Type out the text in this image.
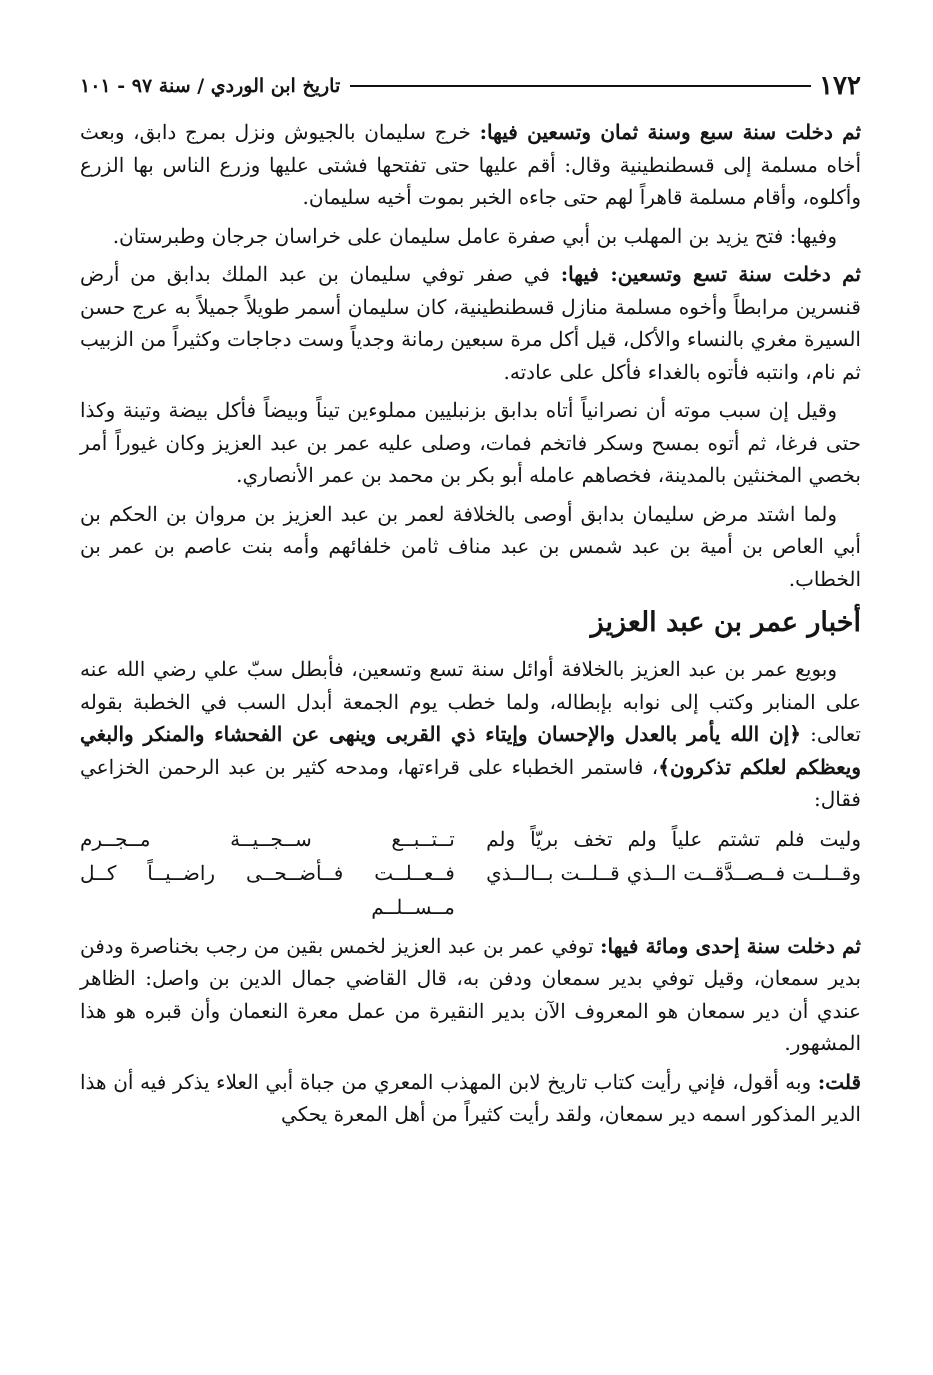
١٧٢
تاريخ ابن الوردي / سنة ٩٧ - ١٠١

ثم دخلت سنة سبع وسنة ثمان وتسعين فيها: خرج سليمان بالجيوش ونزل بمرج دابق، وبعث أخاه مسلمة إلى قسطنطينية وقال: أقم عليها حتى تفتحها فشتى عليها وزرع الناس بها الزرع وأكلوه، وأقام مسلمة قاهراً لهم حتى جاءه الخبر بموت أخيه سليمان.

وفيها: فتح يزيد بن المهلب بن أبي صفرة عامل سليمان على خراسان جرجان وطبرستان.

ثم دخلت سنة تسع وتسعين: فيها: في صفر توفي سليمان بن عبد الملك بدابق من أرض قنسرين مرابطاً وأخوه مسلمة منازل قسطنطينية، كان سليمان أسمر طويلاً جميلاً به عرج حسن السيرة مغري بالنساء والأكل، قيل أكل مرة سبعين رمانة وجدياً وست دجاجات وكثيراً من الزبيب ثم نام، وانتبه فأتوه بالغداء فأكل على عادته.

وقيل إن سبب موته أن نصرانياً أتاه بدابق بزنبليين مملوءين تيناً وبيضاً فأكل بيضة وتينة وكذا حتى فرغا، ثم أتوه بمسح وسكر فاتخم فمات، وصلى عليه عمر بن عبد العزيز وكان غيوراً أمر بخصي المخنثين بالمدينة، فخصاهم عامله أبو بكر بن محمد بن عمر الأنصاري.

ولما اشتد مرض سليمان بدابق أوصى بالخلافة لعمر بن عبد العزيز بن مروان بن الحكم بن أبي العاص بن أمية بن عبد شمس بن عبد مناف ثامن خلفائهم وأمه بنت عاصم بن عمر بن الخطاب.

أخبار عمر بن عبد العزيز

وبويع عمر بن عبد العزيز بالخلافة أوائل سنة تسع وتسعين، فأبطل سبّ علي رضي الله عنه على المنابر وكتب إلى نوابه بإبطاله، ولما خطب يوم الجمعة أبدل السب في الخطبة بقوله تعالى: ﴿إن الله يأمر بالعدل والإحسان وإيتاء ذي القربى وينهى عن الفحشاء والمنكر والبغي ويعظكم لعلكم تذكرون﴾، فاستمر الخطباء على قراءتها، ومدحه كثير بن عبد الرحمن الخزاعي فقال:

وليت فلم تشتم علياً ولم تخف بريّاً ولم
تــتــبــع ســجــيــة مــجــرم
وقــلــت فــصــدَّقــت الــذي قــلــت بــالــذي
فــعــلــت فــأضــحــى راضــيــاً كــل مــســلــم

ثم دخلت سنة إحدى ومائة فيها: توفي عمر بن عبد العزيز لخمس بقين من رجب بخناصرة ودفن بدير سمعان، وقيل توفي بدير سمعان ودفن به، قال القاضي جمال الدين بن واصل: الظاهر عندي أن دير سمعان هو المعروف الآن بدير النقيرة من عمل معرة النعمان وأن قبره هو هذا المشهور.

قلت: وبه أقول، فإني رأيت كتاب تاريخ لابن المهذب المعري من جباة أبي العلاء يذكر فيه أن هذا الدير المذكور اسمه دير سمعان، ولقد رأيت كثيراً من أهل المعرة يحكي
